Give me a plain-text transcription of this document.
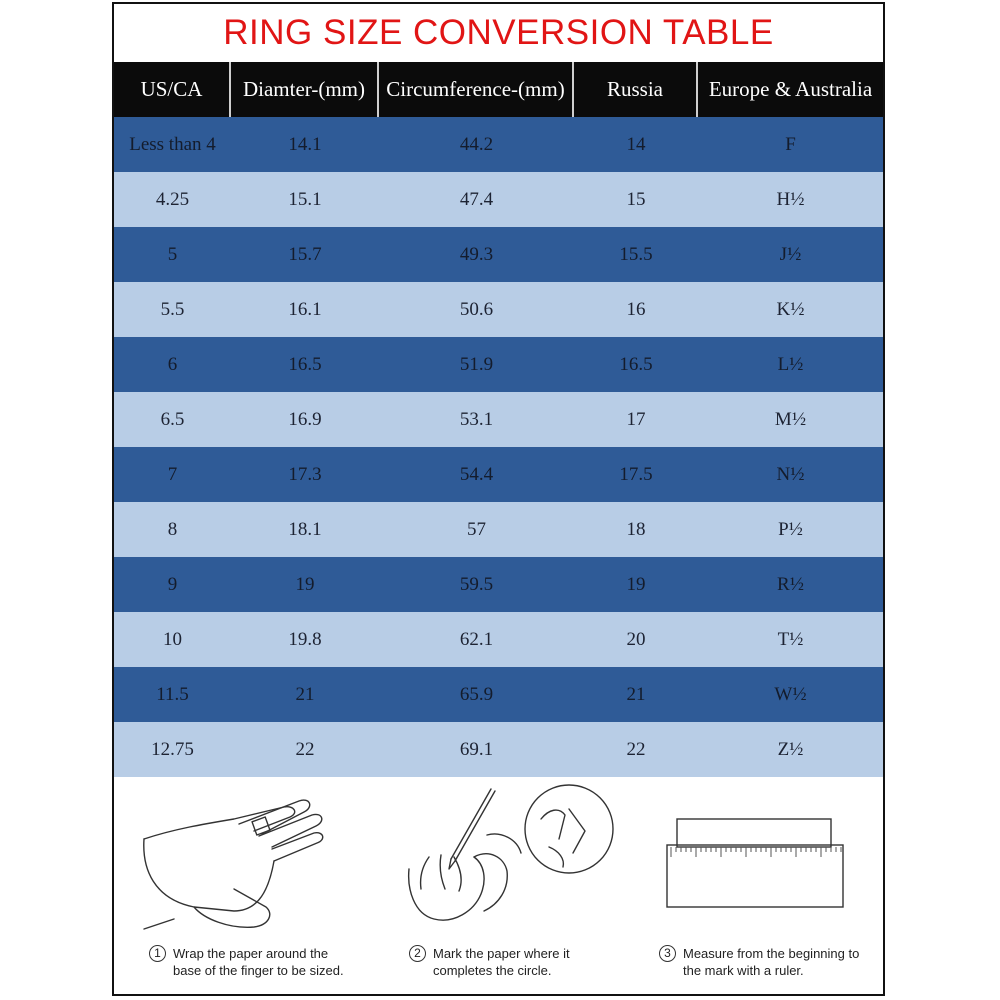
RING SIZE CONVERSION TABLE
US/CA	Diamter-(mm)	Circumference-(mm)	Russia	Europe & Australia
Less than 4	14.1	44.2	14	F
4.25	15.1	47.4	15	H½
5	15.7	49.3	15.5	J½
5.5	16.1	50.6	16	K½
6	16.5	51.9	16.5	L½
6.5	16.9	53.1	17	M½
7	17.3	54.4	17.5	N½
8	18.1	57	18	P½
9	19	59.5	19	R½
10	19.8	62.1	20	T½
11.5	21	65.9	21	W½
12.75	22	69.1	22	Z½
1 Wrap the paper around the
base of the finger to be sized.
2 Mark the paper where it
completes the circle.
3 Measure from the beginning to
the mark with a ruler.
